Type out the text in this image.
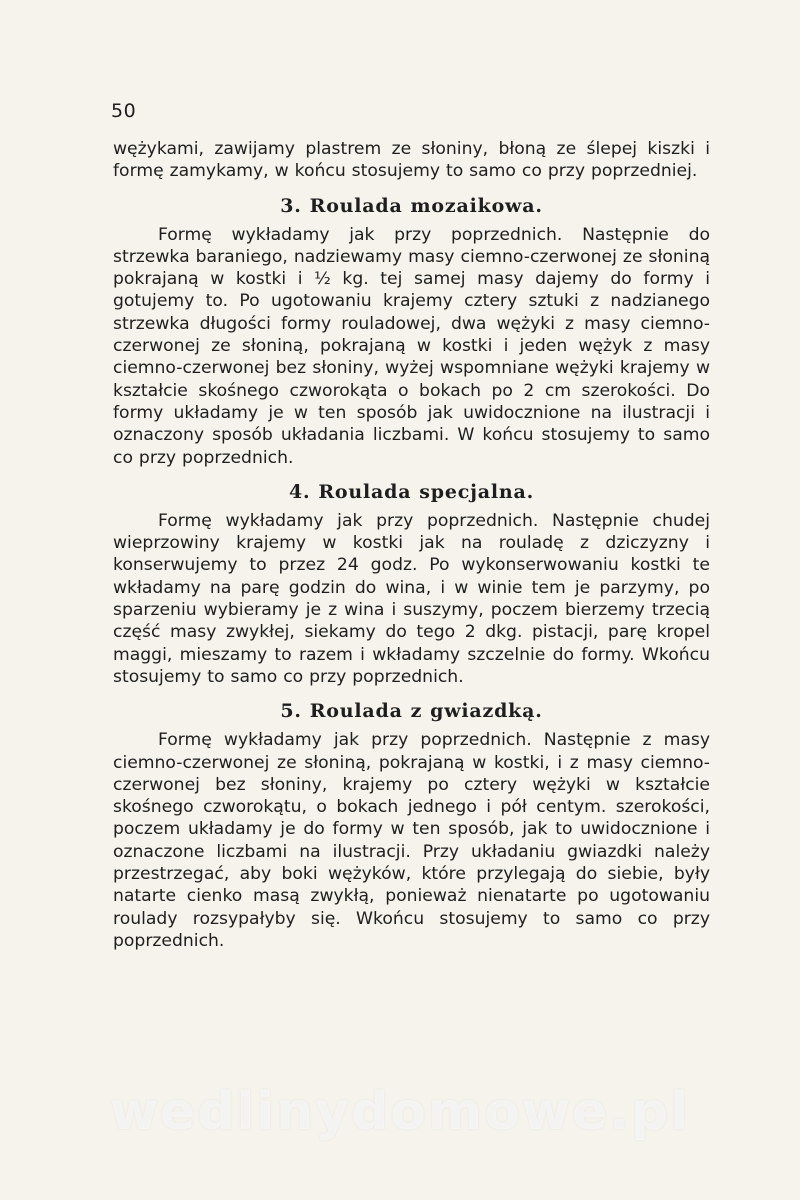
50

wężykami, zawijamy plastrem ze słoniny, błoną ze ślepej kiszki i formę zamykamy, w końcu stosujemy to samo co przy poprzedniej.

3. Roulada mozaikowa.

Formę wykładamy jak przy poprzednich. Następnie do strzewka baraniego, nadziewamy masy ciemno-czerwonej ze słoniną pokrajaną w kostki i ½ kg. tej samej masy dajemy do formy i gotujemy to. Po ugotowaniu krajemy cztery sztuki z nadzianego strzewka długości formy rouladowej, dwa wężyki z masy ciemno-czerwonej ze słoniną, pokrajaną w kostki i jeden wężyk z masy ciemno-czerwonej bez słoniny, wyżej wspomniane wężyki krajemy w kształcie skośnego czworokąta o bokach po 2 cm szerokości. Do formy układamy je w ten sposób jak uwidocznione na ilustracji i oznaczony sposób układania liczbami. W końcu stosujemy to samo co przy poprzednich.

4. Roulada specjalna.

Formę wykładamy jak przy poprzednich. Następnie chudej wieprzowiny krajemy w kostki jak na rouladę z dziczyzny i konserwujemy to przez 24 godz. Po wykonserwowaniu kostki te wkładamy na parę godzin do wina, i w winie tem je parzymy, po sparzeniu wybieramy je z wina i suszymy, poczem bierzemy trzecią część masy zwykłej, siekamy do tego 2 dkg. pistacji, parę kropel maggi, mieszamy to razem i wkładamy szczelnie do formy. Wkońcu stosujemy to samo co przy poprzednich.

5. Roulada z gwiazdką.

Formę wykładamy jak przy poprzednich. Następnie z masy ciemno-czerwonej ze słoniną, pokrajaną w kostki, i z masy ciemno-czerwonej bez słoniny, krajemy po cztery wężyki w kształcie skośnego czworokątu, o bokach jednego i pół centym. szerokości, poczem układamy je do formy w ten sposób, jak to uwidocznione i oznaczone liczbami na ilustracji. Przy układaniu gwiazdki należy przestrzegać, aby boki wężyków, które przylegają do siebie, były natarte cienko masą zwykłą, ponieważ nienatarte po ugotowaniu rouladу rozsypałyby się. Wkońcu stosujemy to samo co przy poprzednich.

wedlinydomowe.pl
